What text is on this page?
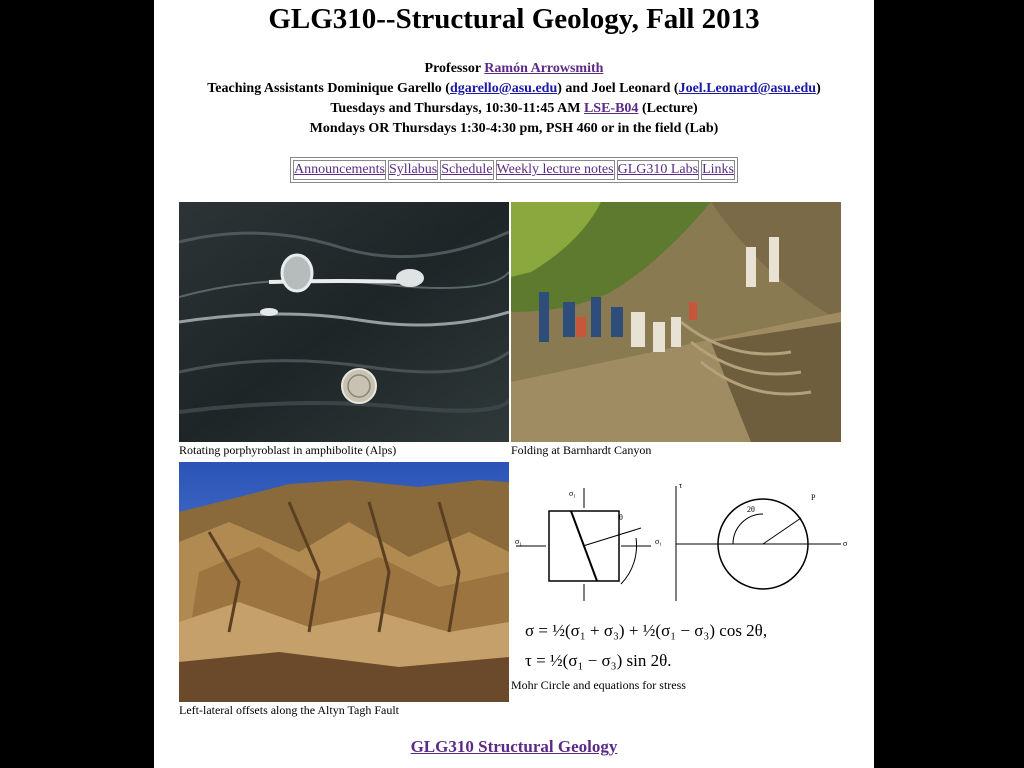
GLG310--Structural Geology, Fall 2013
Professor Ramón Arrowsmith
Teaching Assistants Dominique Garello (dgarello@asu.edu) and Joel Leonard (Joel.Leonard@asu.edu)
Tuesdays and Thursdays, 10:30-11:45 AM LSE-B04 (Lecture)
Mondays OR Thursdays 1:30-4:30 pm, PSH 460 or in the field (Lab)
Announcements	Syllabus	Schedule	Weekly lecture notes	GLG310 Labs	Links
Rotating porphyroblast in amphibolite (Alps)	Folding at Barnhardt Canyon
Left-lateral offsets along the Altyn Tagh Fault
σ₁
θ
P
2θ
σ₁	σ₁	σ
τ
σ = ½(σ₁ + σ₃) + ½(σ₁ − σ₃) cos 2θ,
τ = ½(σ₁ − σ₃) sin 2θ.
Mohr Circle and equations for stress
GLG310 Structural Geology
